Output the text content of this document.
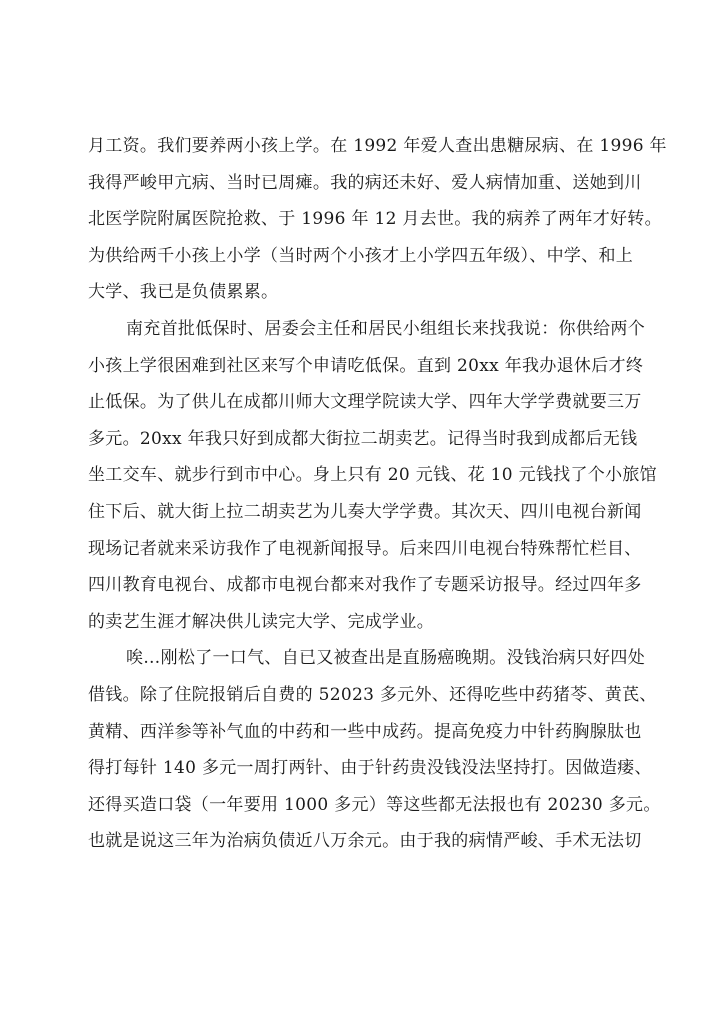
月工资。我们要养两小孩上学。在 1992 年爱人查出患糖尿病、在 1996 年
我得严峻甲亢病、当时已周瘫。我的病还未好、爱人病情加重、送她到川
北医学院附属医院抢救、于 1996 年 12 月去世。我的病养了两年才好转。
为供给两千小孩上小学（当时两个小孩才上小学四五年级）、中学、和上
大学、我已是负债累累。
南充首批低保时、居委会主任和居民小组组长来找我说：你供给两个
小孩上学很困难到社区来写个申请吃低保。直到 20xx 年我办退休后才终
止低保。为了供儿在成都川师大文理学院读大学、四年大学学费就要三万
多元。20xx 年我只好到成都大街拉二胡卖艺。记得当时我到成都后无钱
坐工交车、就步行到市中心。身上只有 20 元钱、花 10 元钱找了个小旅馆
住下后、就大街上拉二胡卖艺为儿奏大学学费。其次天、四川电视台新闻
现场记者就来采访我作了电视新闻报导。后来四川电视台特殊帮忙栏目、
四川教育电视台、成都市电视台都来对我作了专题采访报导。经过四年多
的卖艺生涯才解决供儿读完大学、完成学业。
唉…刚松了一口气、自已又被查出是直肠癌晚期。没钱治病只好四处
借钱。除了住院报销后自费的 52023 多元外、还得吃些中药猪苓、黄芪、
黄精、西洋参等补气血的中药和一些中成药。提高免疫力中针药胸腺肽也
得打每针 140 多元一周打两针、由于针药贵没钱没法坚持打。因做造瘘、
还得买造口袋（一年要用 1000 多元）等这些都无法报也有 20230 多元。
也就是说这三年为治病负债近八万余元。由于我的病情严峻、手术无法切
